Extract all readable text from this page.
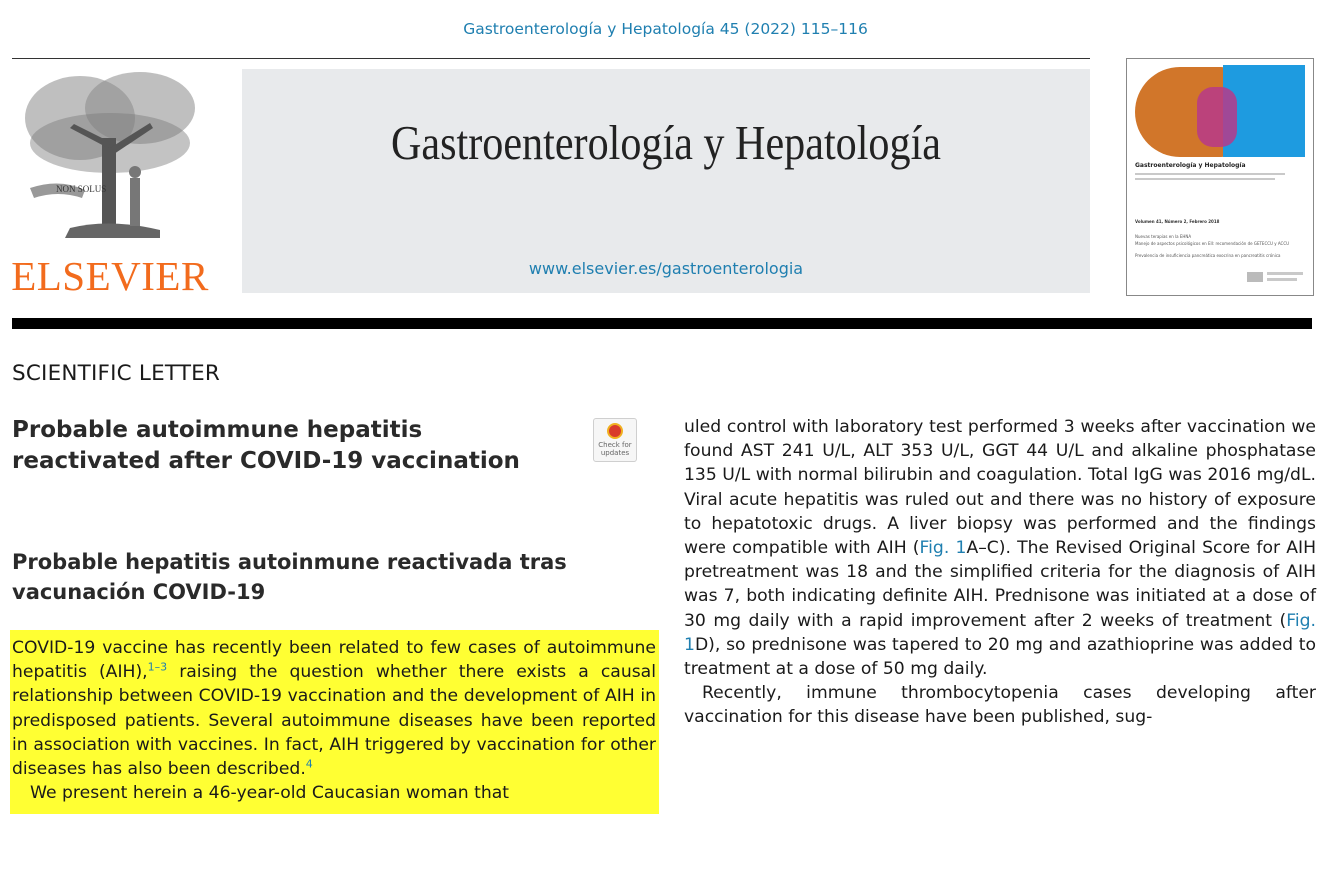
Gastroenterología y Hepatología 45 (2022) 115–116
NON SOLUS
ELSEVIER
Gastroenterología y Hepatología
www.elsevier.es/gastroenterologia
Gastroenterología y Hepatología
Volumen 41, Número 2, Febrero 2018
Nuevas terapias en la EHNA
Manejo de aspectos psicológicos en EII: recomendación de GETECCU y ACCU
Prevalencia de insuficiencia pancreática exocrina en pancreatitis crónica
SCIENTIFIC LETTER
Probable autoimmune hepatitis reactivated after COVID-19 vaccination
Check for updates
Probable hepatitis autoinmune reactivada tras vacunación COVID-19

COVID-19 vaccine has recently been related to few cases of autoimmune hepatitis (AIH),$^{1-3}$ raising the question whether there exists a causal relationship between COVID-19 vaccination and the development of AIH in predisposed patients. Several autoimmune diseases have been reported in association with vaccines. In fact, AIH triggered by vaccination for other diseases has also been described.$^4$

We present herein a 46-year-old Caucasian woman that

uled control with laboratory test performed 3 weeks after vaccination we found AST 241 U/L, ALT 353 U/L, GGT 44 U/L and alkaline phosphatase 135 U/L with normal bilirubin and coagulation. Total IgG was 2016 mg/dL. Viral acute hepatitis was ruled out and there was no history of exposure to hepatotoxic drugs. A liver biopsy was performed and the findings were compatible with AIH (Fig. 1A–C). The Revised Original Score for AIH pretreatment was 18 and the simplified criteria for the diagnosis of AIH was 7, both indicating definite AIH. Prednisone was initiated at a dose of 30 mg daily with a rapid improvement after 2 weeks of treatment (Fig. 1D), so prednisone was tapered to 20 mg and azathioprine was added to treatment at a dose of 50 mg daily.

Recently, immune thrombocytopenia cases developing after vaccination for this disease have been published, sug-
